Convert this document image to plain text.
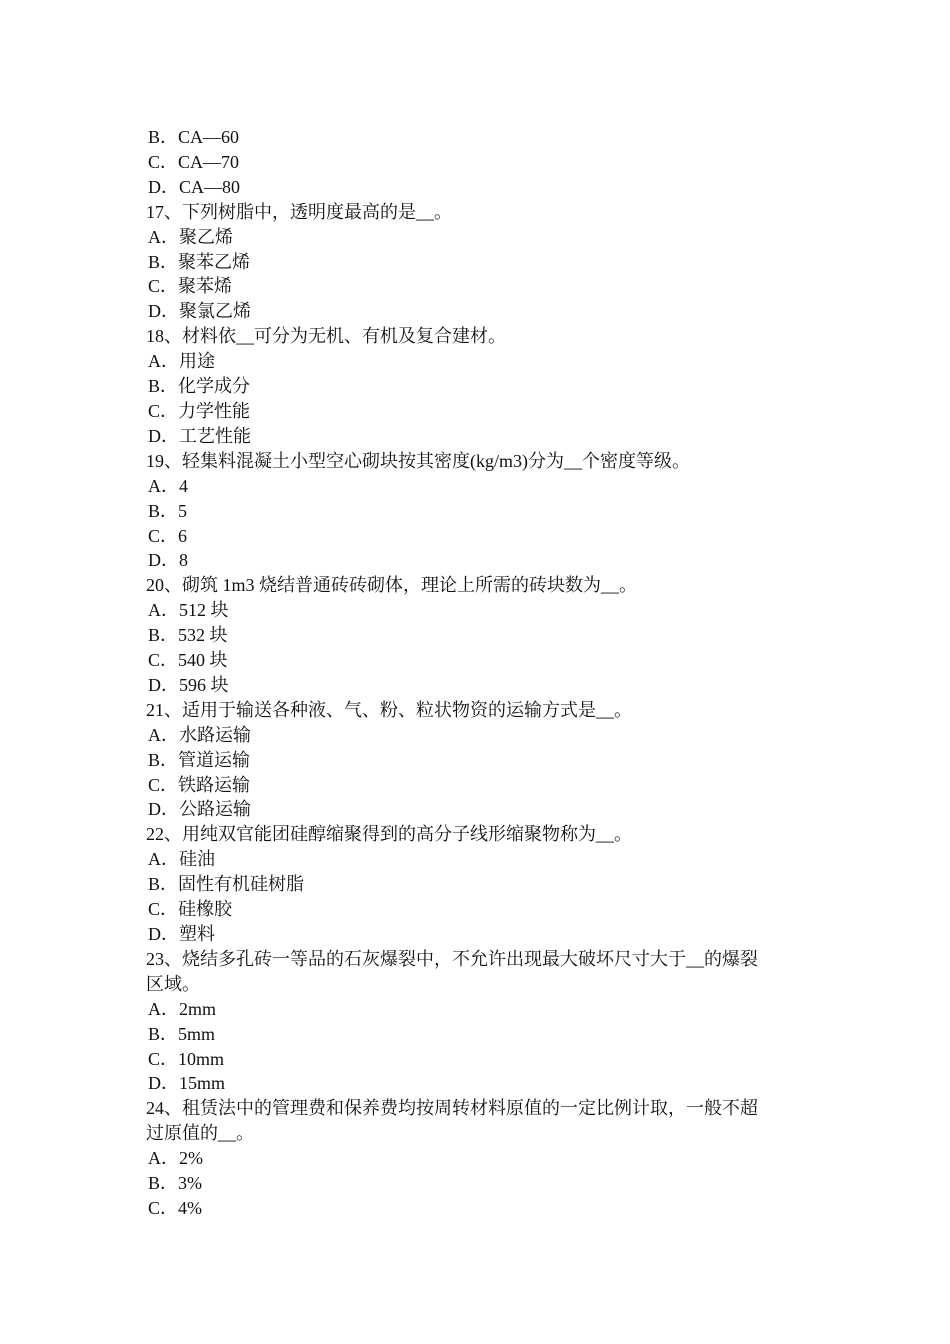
B．CA—60
C．CA—70
D．CA—80
17、下列树脂中，透明度最高的是__。
A．聚乙烯
B．聚苯乙烯
C．聚苯烯
D．聚氯乙烯
18、材料依__可分为无机、有机及复合建材。
A．用途
B．化学成分
C．力学性能
D．工艺性能
19、轻集料混凝土小型空心砌块按其密度(kg/m3)分为__个密度等级。
A．4
B．5
C．6
D．8
20、砌筑 1m3 烧结普通砖砖砌体，理论上所需的砖块数为__。
A．512 块
B．532 块
C．540 块
D．596 块
21、适用于输送各种液、气、粉、粒状物资的运输方式是__。
A．水路运输
B．管道运输
C．铁路运输
D．公路运输
22、用纯双官能团硅醇缩聚得到的高分子线形缩聚物称为__。
A．硅油
B．固性有机硅树脂
C．硅橡胶
D．塑料
23、烧结多孔砖一等品的石灰爆裂中，不允许出现最大破坏尺寸大于__的爆裂
区域。
A．2mm
B．5mm
C．10mm
D．15mm
24、租赁法中的管理费和保养费均按周转材料原值的一定比例计取，一般不超
过原值的__。
A．2%
B．3%
C．4%
